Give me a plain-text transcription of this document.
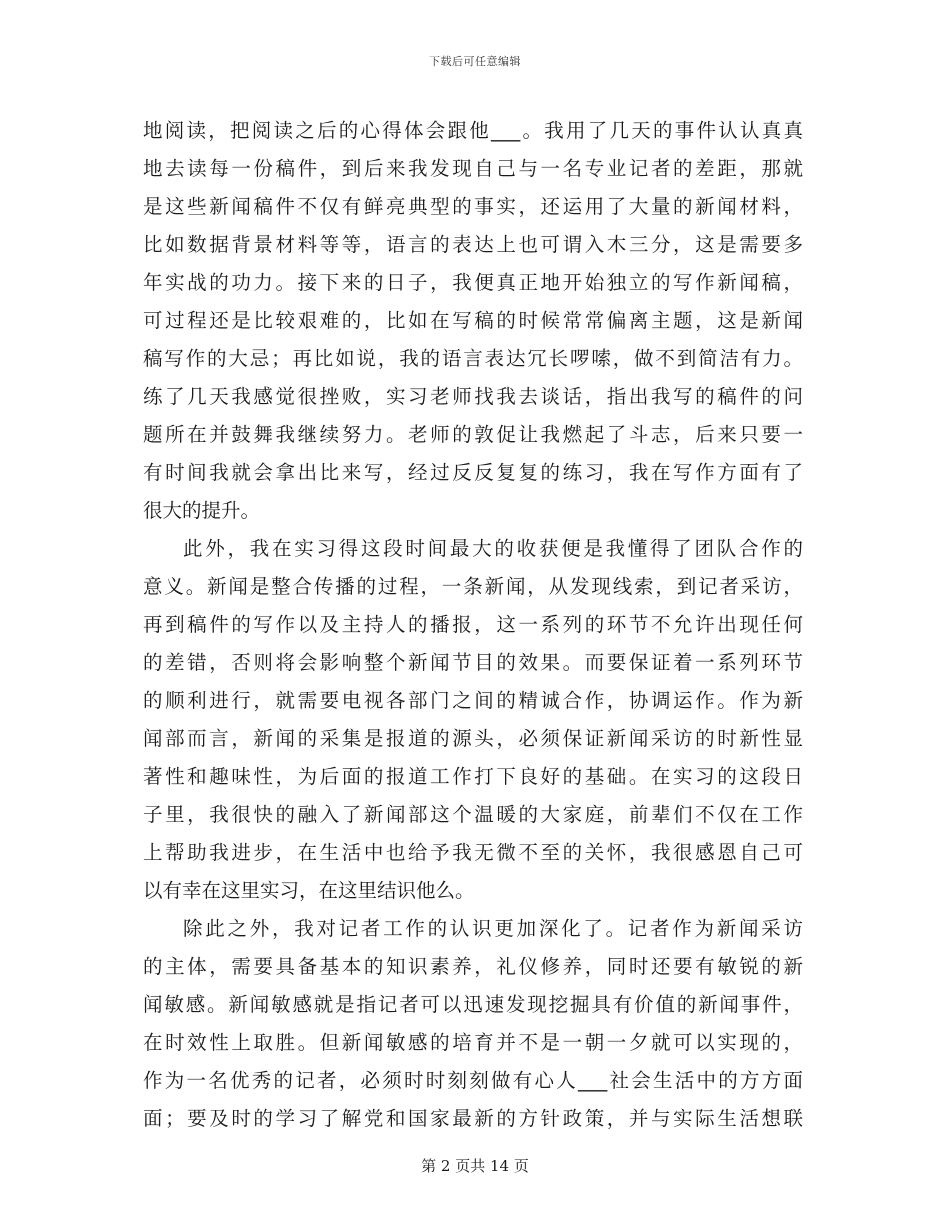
下载后可任意编辑
地阅读，把阅读之后的心得体会跟他___。我用了几天的事件认认真真
地去读每一份稿件，到后来我发现自己与一名专业记者的差距，那就
是这些新闻稿件不仅有鲜亮典型的事实，还运用了大量的新闻材料，
比如数据背景材料等等，语言的表达上也可谓入木三分，这是需要多
年实战的功力。接下来的日子，我便真正地开始独立的写作新闻稿，
可过程还是比较艰难的，比如在写稿的时候常常偏离主题，这是新闻
稿写作的大忌；再比如说，我的语言表达冗长啰嗦，做不到简洁有力。
练了几天我感觉很挫败，实习老师找我去谈话，指出我写的稿件的问
题所在并鼓舞我继续努力。老师的敦促让我燃起了斗志，后来只要一
有时间我就会拿出比来写，经过反反复复的练习，我在写作方面有了
很大的提升。
此外，我在实习得这段时间最大的收获便是我懂得了团队合作的
意义。新闻是整合传播的过程，一条新闻，从发现线索，到记者采访，
再到稿件的写作以及主持人的播报，这一系列的环节不允许出现任何
的差错，否则将会影响整个新闻节目的效果。而要保证着一系列环节
的顺利进行，就需要电视各部门之间的精诚合作，协调运作。作为新
闻部而言，新闻的采集是报道的源头，必须保证新闻采访的时新性显
著性和趣味性，为后面的报道工作打下良好的基础。在实习的这段日
子里，我很快的融入了新闻部这个温暖的大家庭，前辈们不仅在工作
上帮助我进步，在生活中也给予我无微不至的关怀，我很感恩自己可
以有幸在这里实习，在这里结识他么。
除此之外，我对记者工作的认识更加深化了。记者作为新闻采访
的主体，需要具备基本的知识素养，礼仪修养，同时还要有敏锐的新
闻敏感。新闻敏感就是指记者可以迅速发现挖掘具有价值的新闻事件，
在时效性上取胜。但新闻敏感的培育并不是一朝一夕就可以实现的，
作为一名优秀的记者，必须时时刻刻做有心人___社会生活中的方方面
面；要及时的学习了解党和国家最新的方针政策，并与实际生活想联
第 2 页共 14 页
